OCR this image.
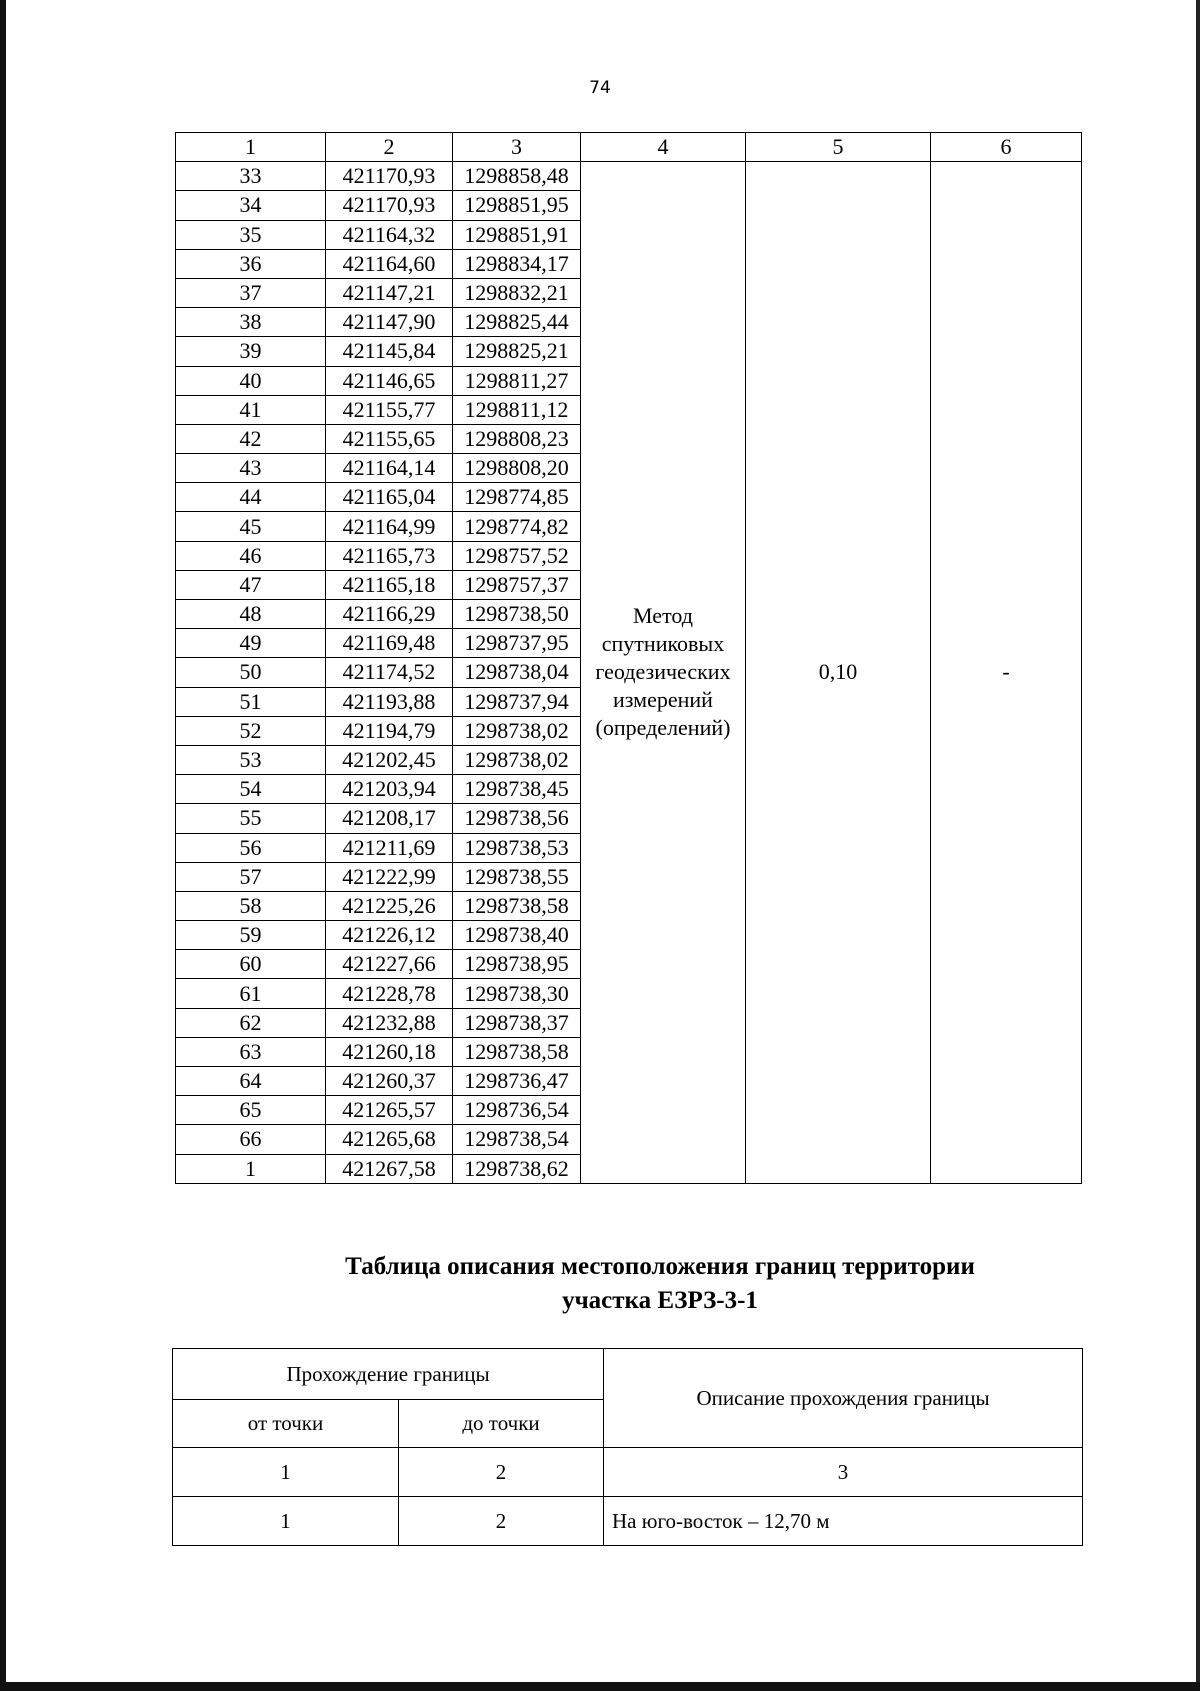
74
1	2	3	4	5	6
33	421170,93	1298858,48	Метод
спутниковых
геодезических
измерений
(определений)	0,10	-
34	421170,93	1298851,95			
35	421164,32	1298851,91			
36	421164,60	1298834,17			
37	421147,21	1298832,21			
38	421147,90	1298825,44			
39	421145,84	1298825,21			
40	421146,65	1298811,27			
41	421155,77	1298811,12			
42	421155,65	1298808,23			
43	421164,14	1298808,20			
44	421165,04	1298774,85			
45	421164,99	1298774,82			
46	421165,73	1298757,52			
47	421165,18	1298757,37			
48	421166,29	1298738,50			
49	421169,48	1298737,95			
50	421174,52	1298738,04			
51	421193,88	1298737,94			
52	421194,79	1298738,02			
53	421202,45	1298738,02			
54	421203,94	1298738,45			
55	421208,17	1298738,56			
56	421211,69	1298738,53			
57	421222,99	1298738,55			
58	421225,26	1298738,58			
59	421226,12	1298738,40			
60	421227,66	1298738,95			
61	421228,78	1298738,30			
62	421232,88	1298738,37			
63	421260,18	1298738,58			
64	421260,37	1298736,47			
65	421265,57	1298736,54			
66	421265,68	1298738,54			
1	421267,58	1298738,62			
Таблица описания местоположения границ территории
участка ЕЗРЗ-3-1
Прохождение границы		Описание прохождения границы
от точки	до точки	
1	2	3
1	2	На юго-восток – 12,70 м
